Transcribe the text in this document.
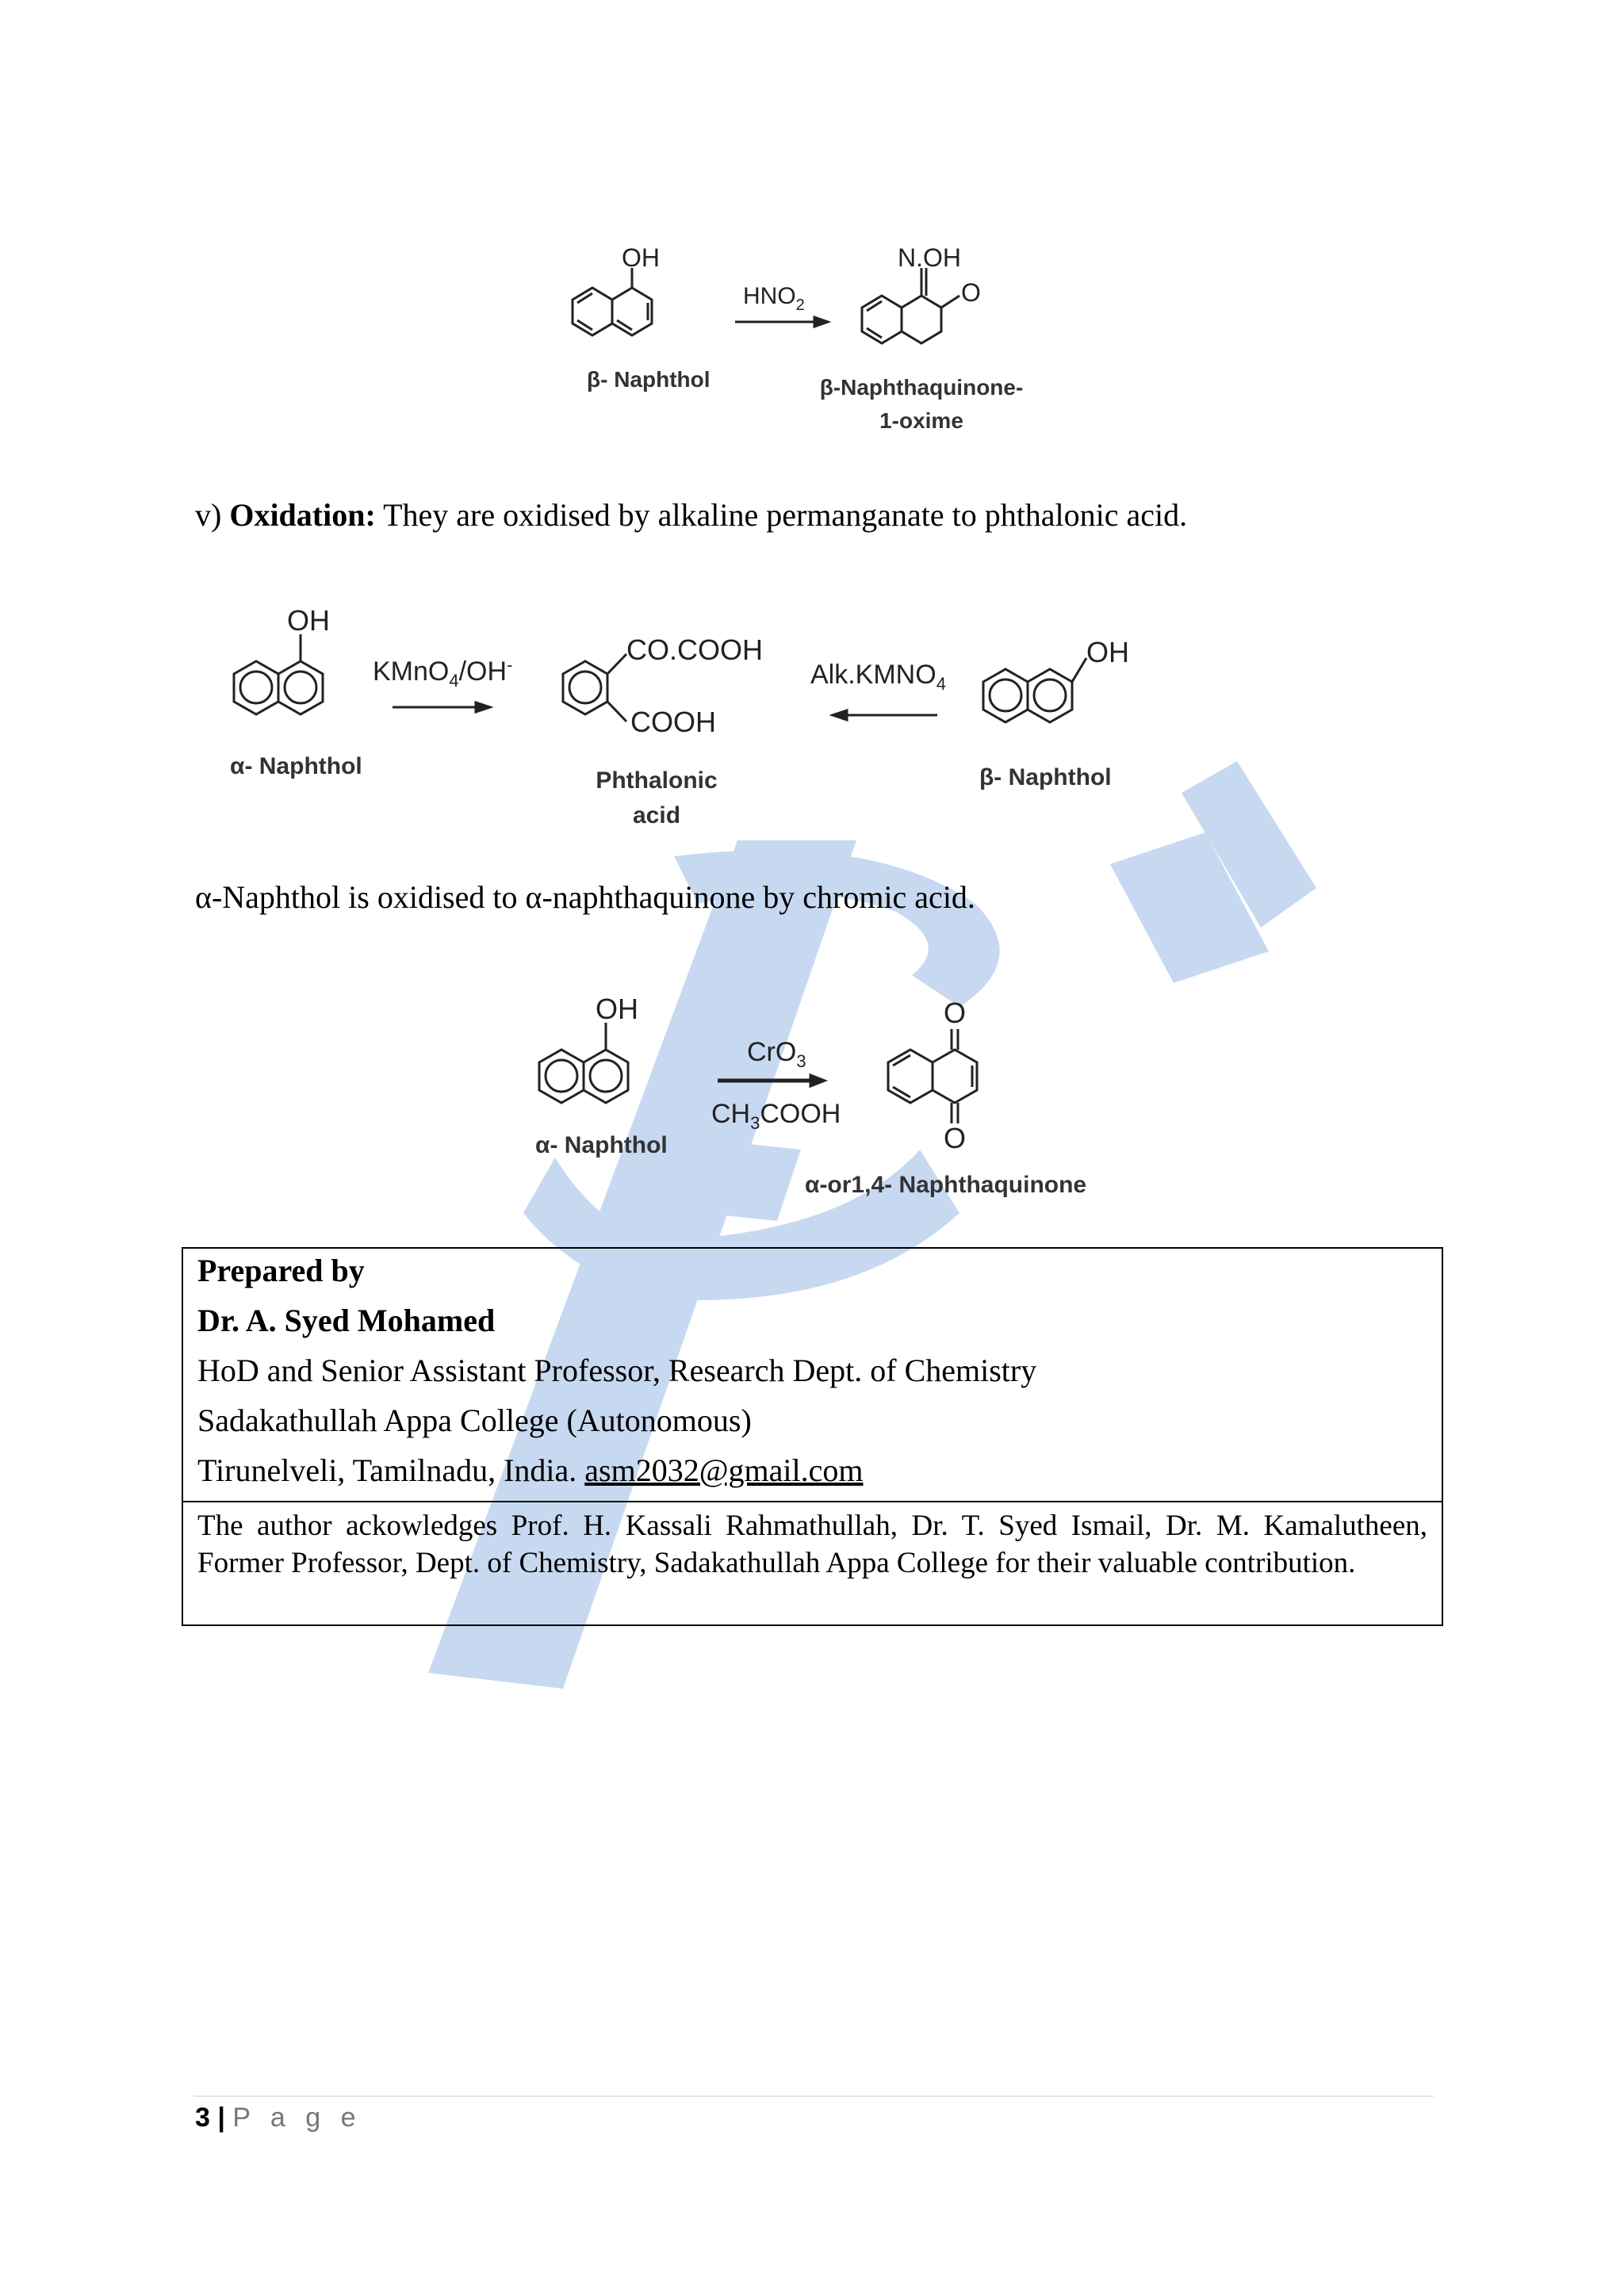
OH
$HNO_2$
N.OH
O
β- Naphthol	β-Naphthaquinone-
1-oxime
v) Oxidation: They are oxidised by alkaline permanganate to phthalonic acid.
OH
KMnO$_4$/OH-	CO.COOH
COOH
$Alk.KMNO_4$
OH
α- Naphthol
Phthalonic
acid
β- Naphthol
α-Naphthol is oxidised to α-naphthaquinone by chromic acid.
OH
CrO$_3$
$CH_3COOH$
O
O
α- Naphthol
α-or1,4- Naphthaquinone
Prepared by
Dr. A. Syed Mohamed
HoD and Senior Assistant Professor, Research Dept. of Chemistry
Sadakathullah Appa College (Autonomous)
Tirunelveli, Tamilnadu, India. asm2032@gmail.com
The author ackowledges Prof. H. Kassali Rahmathullah, Dr. T. Syed Ismail, Dr. M. Kamalutheen, Former Professor, Dept. of Chemistry, Sadakathullah Appa College for their valuable contribution.
3 | P a g e
